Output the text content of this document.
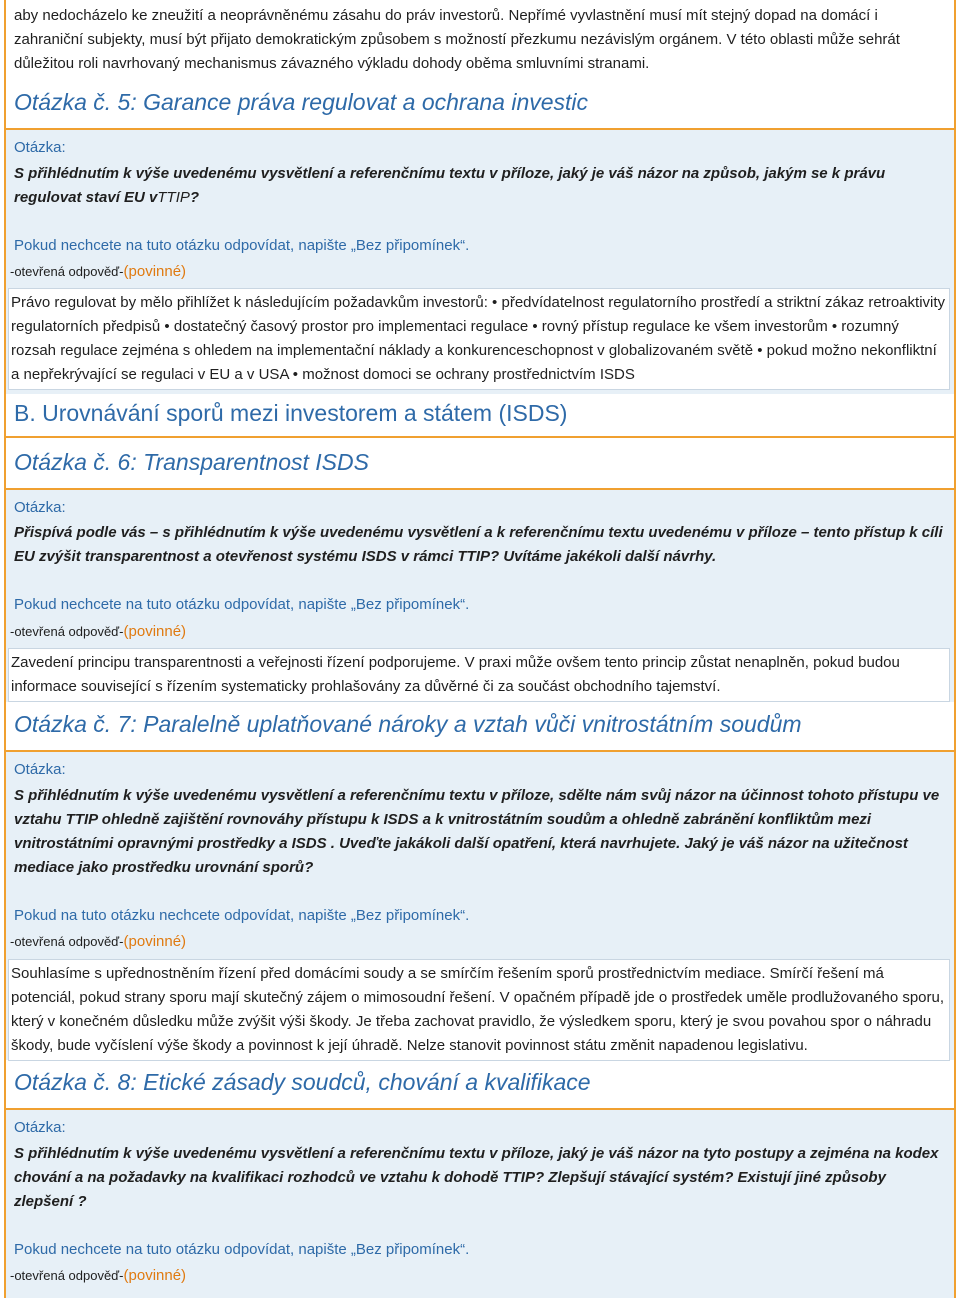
aby nedocházelo ke zneužití a neoprávněnému zásahu do práv investorů. Nepřímé vyvlastnění musí mít stejný dopad na domácí i zahraniční subjekty, musí být přijato demokratickým způsobem s možností přezkumu nezávislým orgánem. V této oblasti může sehrát důležitou roli navrhovaný mechanismus závazného výkladu dohody oběma smluvními stranami.
Otázka č. 5: Garance práva regulovat a ochrana investic
Otázka:
S přihlédnutím k výše uvedenému vysvětlení a referenčnímu textu v příloze, jaký je váš názor na způsob, jakým se k právu regulovat staví EU vTTIP?
Pokud nechcete na tuto otázku odpovídat, napište „Bez připomínek“.
-otevřená odpověď-(povinné)
Právo regulovat by mělo přihlížet k následujícím požadavkům investorů: • předvídatelnost regulatorního prostředí a striktní zákaz retroaktivity regulatorních předpisů • dostatečný časový prostor pro implementaci regulace • rovný přístup regulace ke všem investorům • rozumný rozsah regulace zejména s ohledem na implementační náklady a konkurenceschopnost v globalizovaném světě • pokud možno nekonfliktní a nepřekrývající se regulaci v EU a v USA • možnost domoci se ochrany prostřednictvím ISDS
B. Urovnávání sporů mezi investorem a státem (ISDS)
Otázka č. 6: Transparentnost ISDS
Otázka:
Přispívá podle vás – s přihlédnutím k výše uvedenému vysvětlení a k referenčnímu textu uvedenému v příloze – tento přístup k cíli EU zvýšit transparentnost a otevřenost systému ISDS v rámci TTIP? Uvítáme jakékoli další návrhy.
Pokud nechcete na tuto otázku odpovídat, napište „Bez připomínek“.
-otevřená odpověď-(povinné)
Zavedení principu transparentnosti a veřejnosti řízení podporujeme. V praxi může ovšem tento princip zůstat nenaplněn, pokud budou informace související s řízením systematicky prohlašovány za důvěrné či za součást obchodního tajemství.
Otázka č. 7: Paralelně uplatňované nároky a vztah vůči vnitrostátním soudům
Otázka:
S přihlédnutím k výše uvedenému vysvětlení a referenčnímu textu v příloze, sdělte nám svůj názor na účinnost tohoto přístupu ve vztahu TTIP ohledně zajištění rovnováhy přístupu k ISDS a k vnitrostátním soudům a ohledně zabránění konfliktům mezi vnitrostátními opravnými prostředky a ISDS . Uveďte jakákoli další opatření, která navrhujete. Jaký je váš názor na užitečnost mediace jako prostředku urovnání sporů?
Pokud na tuto otázku nechcete odpovídat, napište „Bez připomínek“.
-otevřená odpověď-(povinné)
Souhlasíme s upřednostněním řízení před domácími soudy a se smírčím řešením sporů prostřednictvím mediace. Smírčí řešení má potenciál, pokud strany sporu mají skutečný zájem o mimosoudní řešení. V opačném případě jde o prostředek uměle prodlužovaného sporu, který v konečném důsledku může zvýšit výši škody. Je třeba zachovat pravidlo, že výsledkem sporu, který je svou povahou spor o náhradu škody, bude vyčíslení výše škody a povinnost k její úhradě. Nelze stanovit povinnost státu změnit napadenou legislativu.
Otázka č. 8: Etické zásady soudců, chování a kvalifikace
Otázka:
S přihlédnutím k výše uvedenému vysvětlení a referenčnímu textu v příloze, jaký je váš názor na tyto postupy a zejména na kodex chování a na požadavky na kvalifikaci rozhodců ve vztahu k dohodě TTIP? Zlepšují stávající systém? Existují jiné způsoby zlepšení ?
Pokud nechcete na tuto otázku odpovídat, napište „Bez připomínek“.
-otevřená odpověď-(povinné)
